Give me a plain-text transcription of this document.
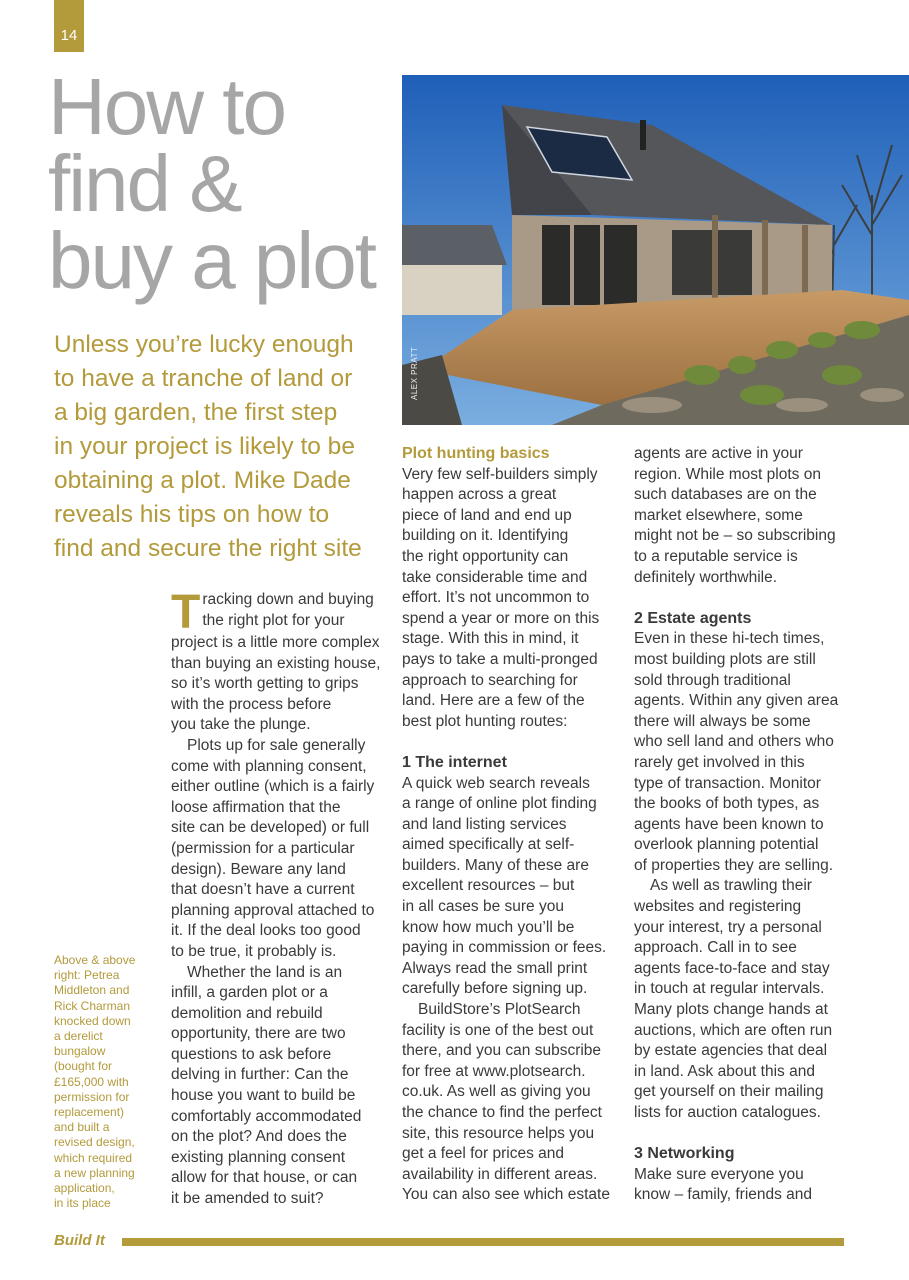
14
How to
find &
buy a plot

Unless you’re lucky enough
to have a tranche of land or
a big garden, the first step
in your project is likely to be
obtaining a plot. Mike Dade
reveals his tips on how to
find and secure the right site

ALEX PRATT
Above & above
right: Petrea
Middleton and
Rick Charman
knocked down
a derelict
bungalow
(bought for
£165,000 with
permission for
replacement)
and built a
revised design,
which required
a new planning
application,
in its place
T racking down and buying
the right plot for your
project is a little more complex
than buying an existing house,
so it’s worth getting to grips
with the process before
you take the plunge.
Plots up for sale generally
come with planning consent,
either outline (which is a fairly
loose affirmation that the
site can be developed) or full
(permission for a particular
design). Beware any land
that doesn’t have a current
planning approval attached to
it. If the deal looks too good
to be true, it probably is.
Whether the land is an
infill, a garden plot or a
demolition and rebuild
opportunity, there are two
questions to ask before
delving in further: Can the
house you want to build be
comfortably accommodated
on the plot? And does the
existing planning consent
allow for that house, or can
it be amended to suit?
Plot hunting basics
Very few self-builders simply
happen across a great
piece of land and end up
building on it. Identifying
the right opportunity can
take considerable time and
effort. It’s not uncommon to
spend a year or more on this
stage. With this in mind, it
pays to take a multi-pronged
approach to searching for
land. Here are a few of the
best plot hunting routes:
1 The internet
A quick web search reveals
a range of online plot finding
and land listing services
aimed specifically at self-
builders. Many of these are
excellent resources – but
in all cases be sure you
know how much you’ll be
paying in commission or fees.
Always read the small print
carefully before signing up.
BuildStore’s PlotSearch
facility is one of the best out
there, and you can subscribe
for free at www.plotsearch.
co.uk. As well as giving you
the chance to find the perfect
site, this resource helps you
get a feel for prices and
availability in different areas.
You can also see which estate
agents are active in your
region. While most plots on
such databases are on the
market elsewhere, some
might not be – so subscribing
to a reputable service is
definitely worthwhile.
2 Estate agents
Even in these hi-tech times,
most building plots are still
sold through traditional
agents. Within any given area
there will always be some
who sell land and others who
rarely get involved in this
type of transaction. Monitor
the books of both types, as
agents have been known to
overlook planning potential
of properties they are selling.
As well as trawling their
websites and registering
your interest, try a personal
approach. Call in to see
agents face-to-face and stay
in touch at regular intervals.
Many plots change hands at
auctions, which are often run
by estate agencies that deal
in land. Ask about this and
get yourself on their mailing
lists for auction catalogues.
3 Networking
Make sure everyone you
know – family, friends and
Build It
